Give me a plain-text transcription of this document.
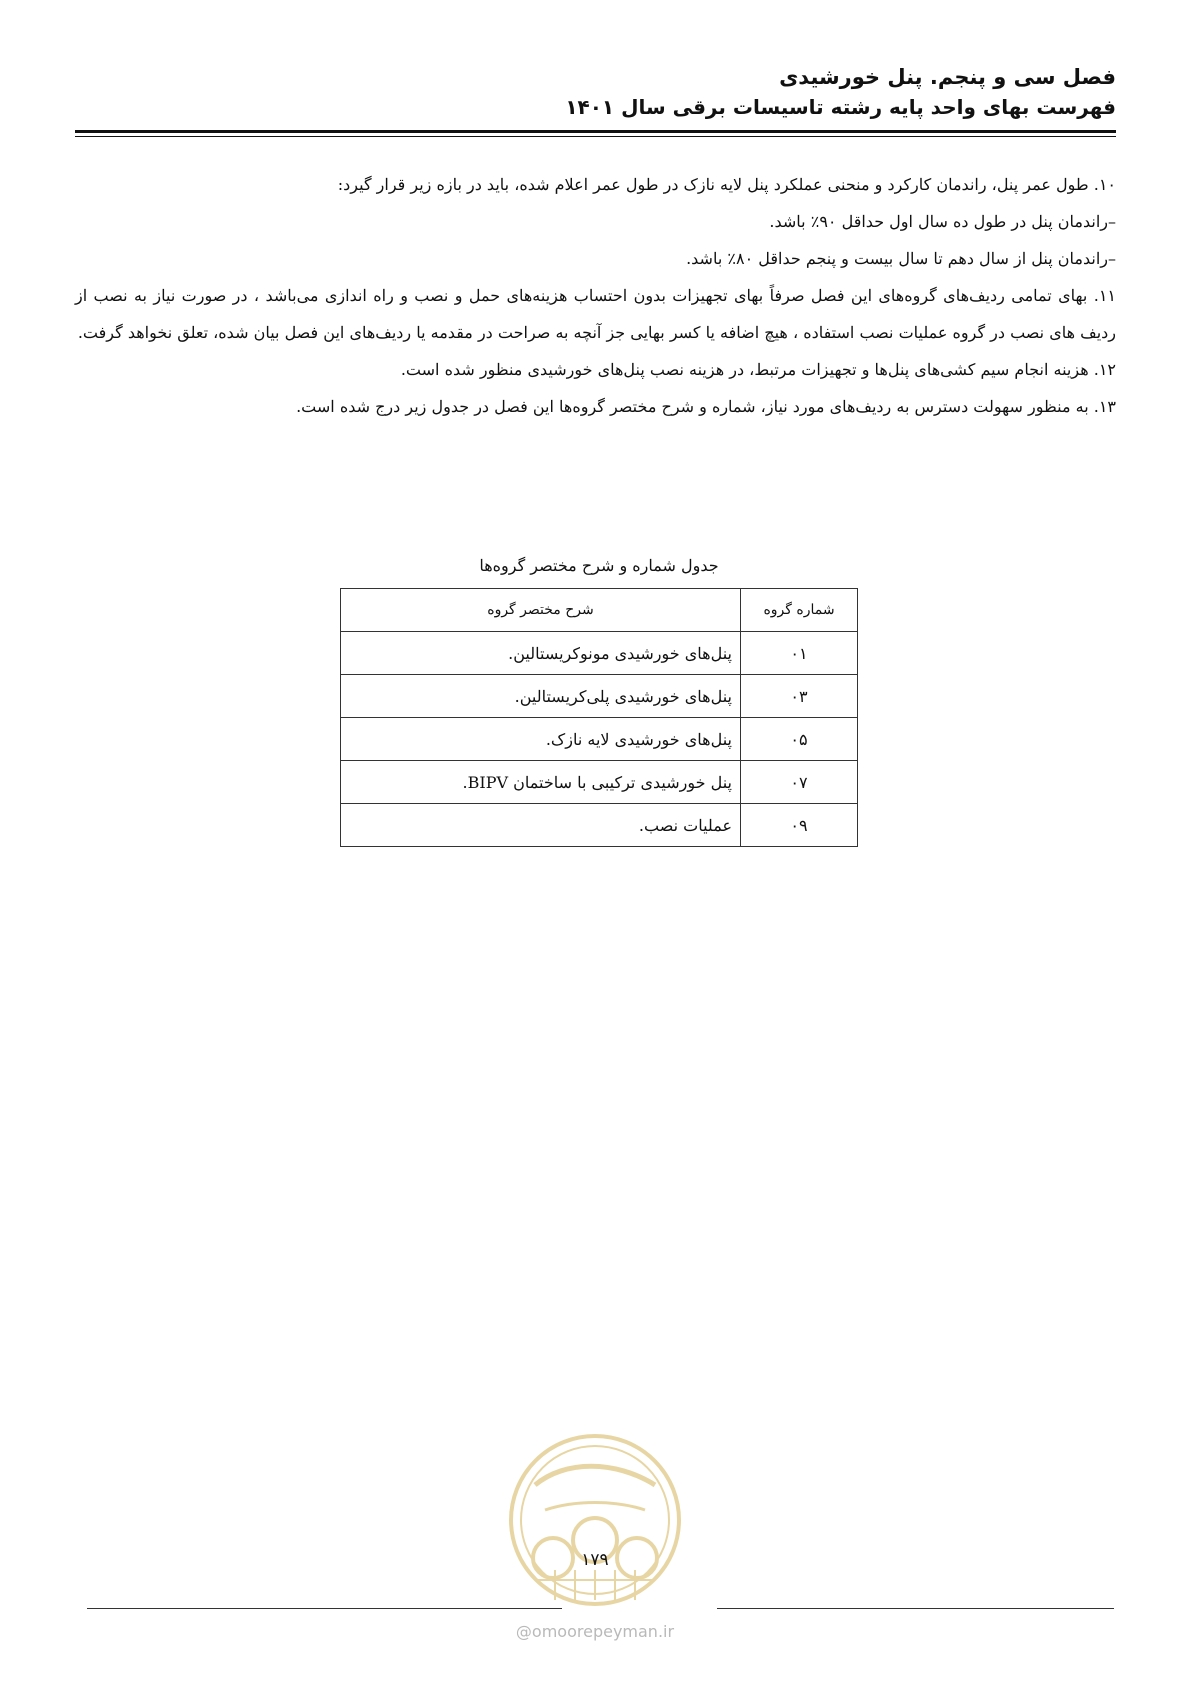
فصل سی و پنجم. پنل خورشیدی
فهرست بهای واحد پایه رشته تاسیسات برقی سال ۱۴۰۱

۱۰. طول عمر پنل، راندمان کارکرد و منحنی عملکرد پنل لایه نازک در طول عمر اعلام شده، باید در بازه زیر قرار گیرد:

–راندمان پنل در طول ده سال اول حداقل ۹۰٪ باشد.

–راندمان پنل از سال دهم تا سال بیست و پنجم حداقل ۸۰٪ باشد.

۱۱. بهای تمامی ردیف‌های گروه‌های این فصل صرفاً بهای تجهیزات بدون احتساب هزینه‌های حمل و نصب و راه اندازی می‌باشد ، در صورت نیاز به نصب از ردیف های نصب در گروه عملیات نصب استفاده ، هیچ اضافه یا کسر بهایی جز آنچه به صراحت در مقدمه یا ردیف‌های این فصل بیان شده، تعلق نخواهد گرفت.

۱۲. هزینه انجام سیم کشی‌های پنل‌ها و تجهیزات مرتبط، در هزینه نصب پنل‌های خورشیدی منظور شده است.

۱۳. به منظور سهولت دسترس به ردیف‌های مورد نیاز، شماره و شرح مختصر گروه‌ها این فصل در جدول زیر درج شده است.

جدول شماره و شرح مختصر گروه‌ها
شماره گروه	شرح مختصر گروه
۰۱	پنل‌های خورشیدی مونوکریستالین.
۰۳	پنل‌های خورشیدی پلی‌کریستالین.
۰۵	پنل‌های خورشیدی لایه نازک.
۰۷	پنل خورشیدی ترکیبی با ساختمان BIPV.
۰۹	عملیات نصب.
۱۷۹
@omoorepeyman.ir
